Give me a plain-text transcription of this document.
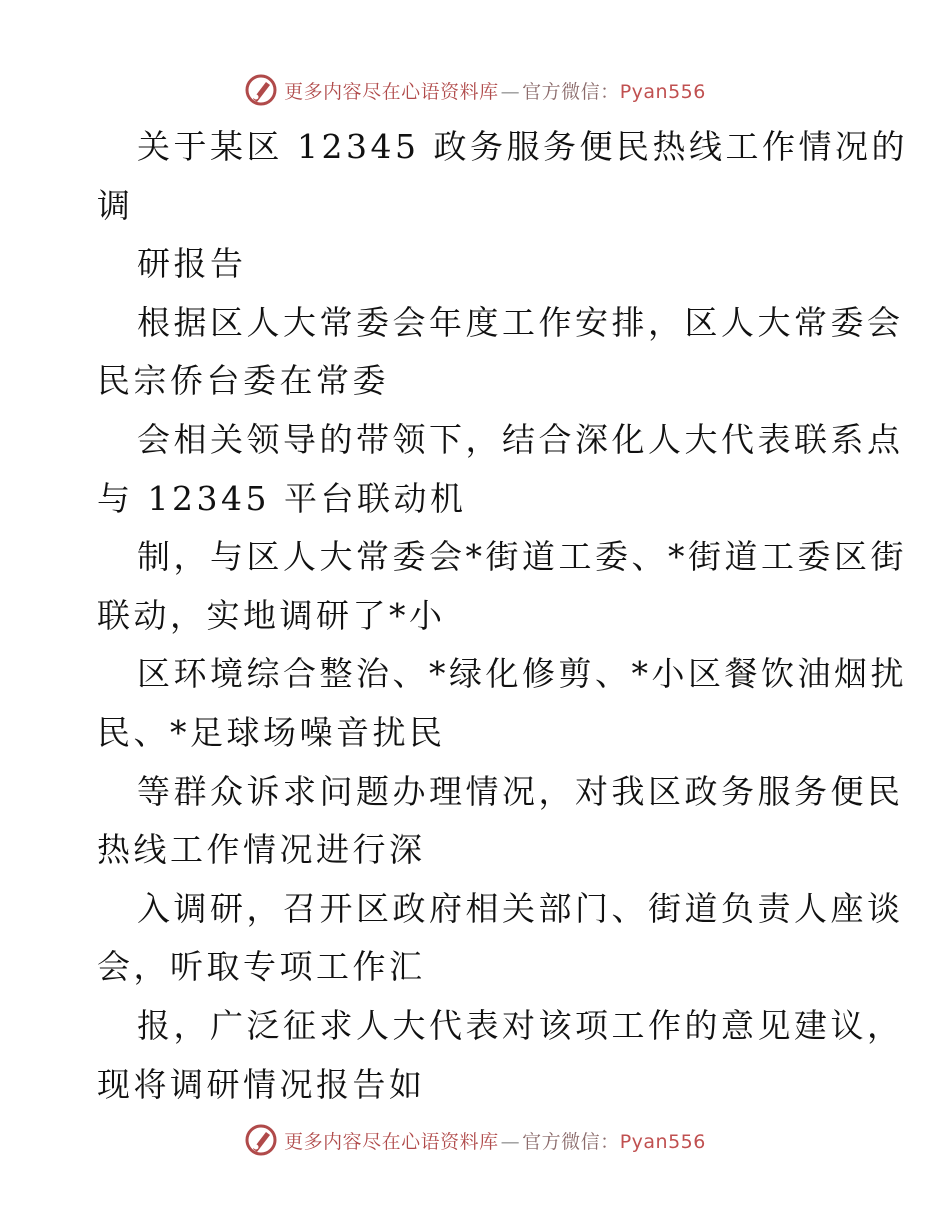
更多内容尽在心语资料库 — 官方微信：Pyan556
关于某区 12345 政务服务便民热线工作情况的
调
研报告
根据区人大常委会年度工作安排，区人大常委会
民宗侨台委在常委
会相关领导的带领下，结合深化人大代表联系点
与 12345 平台联动机
制，与区人大常委会*街道工委、*街道工委区街
联动，实地调研了*小
区环境综合整治、*绿化修剪、*小区餐饮油烟扰
民、*足球场噪音扰民
等群众诉求问题办理情况，对我区政务服务便民
热线工作情况进行深
入调研，召开区政府相关部门、街道负责人座谈
会，听取专项工作汇
报，广泛征求人大代表对该项工作的意见建议，
现将调研情况报告如
更多内容尽在心语资料库 — 官方微信：Pyan556
